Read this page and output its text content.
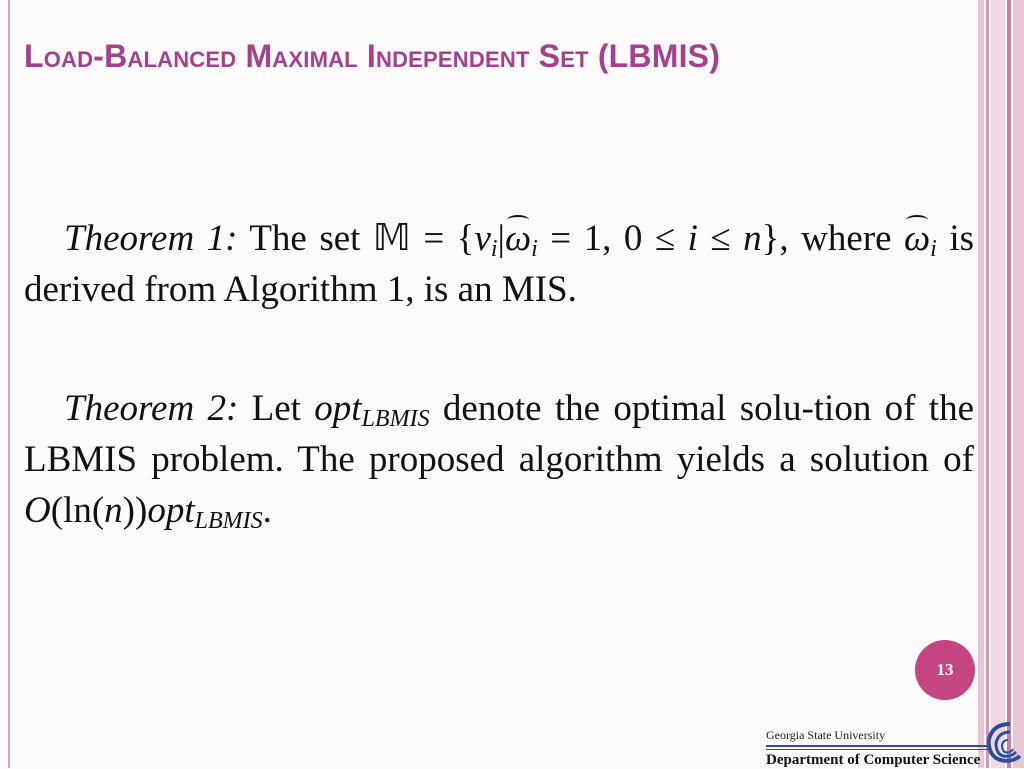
Load-Balanced Maximal Independent Set (LBMIS)

Theorem 1: The set 𝕄 = {$v_i|\omega_i = 1$, 0 ≤ i ≤ n}, where $\omega_i$ is derived from Algorithm 1, is an MIS.

Theorem 2: Let opt$_{LBMIS}$ denote the optimal solu-tion of the LBMIS problem. The proposed algorithm yields a solution of O(ln(n))opt$_{LBMIS}$.

13
Georgia State University
Department of Computer Science
